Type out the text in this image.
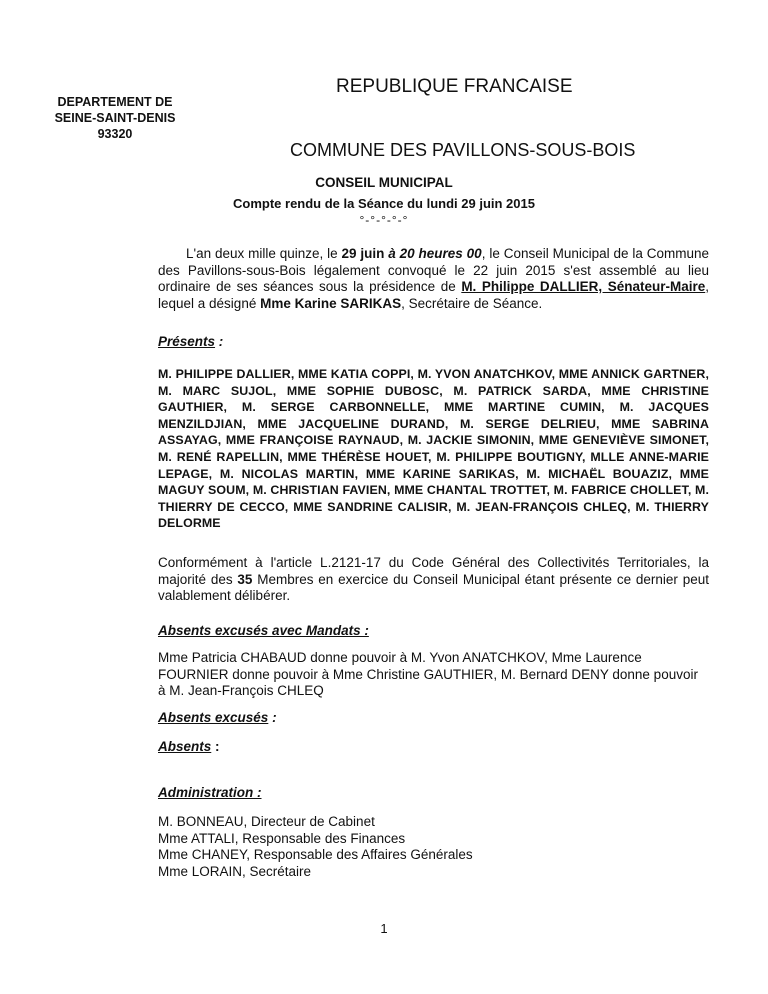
DEPARTEMENT DE
SEINE-SAINT-DENIS
93320
REPUBLIQUE FRANCAISE
COMMUNE DES PAVILLONS-SOUS-BOIS
CONSEIL MUNICIPAL
Compte rendu de la Séance du lundi 29 juin 2015
°-°-°-°-°
L'an deux mille quinze, le 29 juin à 20 heures 00, le Conseil Municipal de la Commune des Pavillons-sous-Bois légalement convoqué le 22 juin 2015 s'est assemblé au lieu ordinaire de ses séances sous la présidence de M. Philippe DALLIER, Sénateur-Maire, lequel a désigné Mme Karine SARIKAS, Secrétaire de Séance.
Présents :
M. PHILIPPE DALLIER, MME KATIA COPPI, M. YVON ANATCHKOV, MME ANNICK GARTNER, M. MARC SUJOL, MME SOPHIE DUBOSC, M. PATRICK SARDA, MME CHRISTINE GAUTHIER, M. SERGE CARBONNELLE, MME MARTINE CUMIN, M. JACQUES MENZILDJIAN, MME JACQUELINE DURAND, M. SERGE DELRIEU, MME SABRINA ASSAYAG, MME FRANÇOISE RAYNAUD, M. JACKIE SIMONIN, MME GENEVIÈVE SIMONET, M. RENÉ RAPELLIN, MME THÉRÈSE HOUET, M. PHILIPPE BOUTIGNY, MLLE ANNE-MARIE LEPAGE, M. NICOLAS MARTIN, MME KARINE SARIKAS, M. MICHAËL BOUAZIZ, MME MAGUY SOUM, M. CHRISTIAN FAVIEN, MME CHANTAL TROTTET, M. FABRICE CHOLLET, M. THIERRY DE CECCO, MME SANDRINE CALISIR, M. JEAN-FRANÇOIS CHLEQ, M. THIERRY DELORME
Conformément à l'article L.2121-17 du Code Général des Collectivités Territoriales, la majorité des 35 Membres en exercice du Conseil Municipal étant présente ce dernier peut valablement délibérer.
Absents excusés avec Mandats :
Mme Patricia CHABAUD donne pouvoir à M. Yvon ANATCHKOV, Mme Laurence FOURNIER donne pouvoir à Mme Christine GAUTHIER, M. Bernard DENY donne pouvoir à M. Jean-François CHLEQ
Absents excusés :
Absents :
Administration :
M. BONNEAU, Directeur de Cabinet
Mme ATTALI, Responsable des Finances
Mme CHANEY, Responsable des Affaires Générales
Mme LORAIN, Secrétaire
1
